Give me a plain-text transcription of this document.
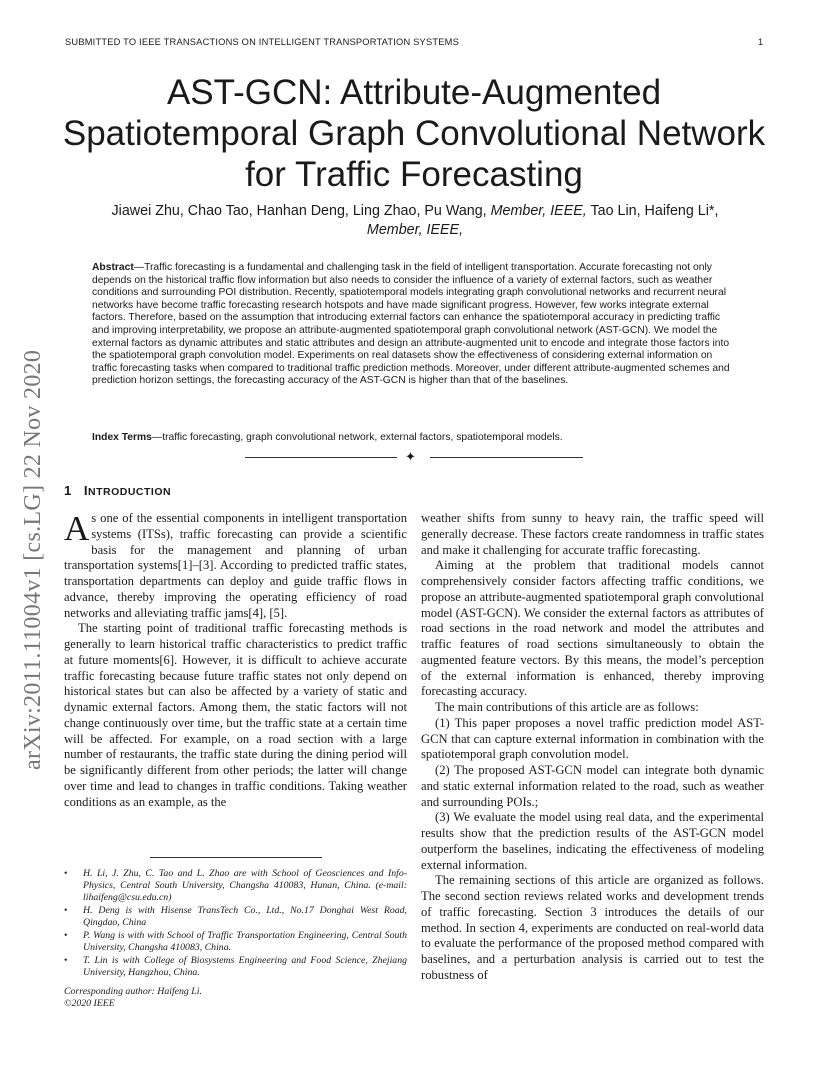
SUBMITTED TO IEEE TRANSACTIONS ON INTELLIGENT TRANSPORTATION SYSTEMS	1
arXiv:2011.11004v1 [cs.LG] 22 Nov 2020
AST-GCN: Attribute-Augmented Spatiotemporal Graph Convolutional Network for Traffic Forecasting
Jiawei Zhu, Chao Tao, Hanhan Deng, Ling Zhao, Pu Wang, Member, IEEE, Tao Lin, Haifeng Li*, Member, IEEE,
Abstract—Traffic forecasting is a fundamental and challenging task in the field of intelligent transportation. Accurate forecasting not only depends on the historical traffic flow information but also needs to consider the influence of a variety of external factors, such as weather conditions and surrounding POI distribution. Recently, spatiotemporal models integrating graph convolutional networks and recurrent neural networks have become traffic forecasting research hotspots and have made significant progress. However, few works integrate external factors. Therefore, based on the assumption that introducing external factors can enhance the spatiotemporal accuracy in predicting traffic and improving interpretability, we propose an attribute-augmented spatiotemporal graph convolutional network (AST-GCN). We model the external factors as dynamic attributes and static attributes and design an attribute-augmented unit to encode and integrate those factors into the spatiotemporal graph convolution model. Experiments on real datasets show the effectiveness of considering external information on traffic forecasting tasks when compared to traditional traffic prediction methods. Moreover, under different attribute-augmented schemes and prediction horizon settings, the forecasting accuracy of the AST-GCN is higher than that of the baselines.
Index Terms—traffic forecasting, graph convolutional network, external factors, spatiotemporal models.
✦
1 INTRODUCTION

As one of the essential components in intelligent transportation systems (ITSs), traffic forecasting can provide a scientific basis for the management and planning of urban transportation systems[1]–[3]. According to predicted traffic states, transportation departments can deploy and guide traffic flows in advance, thereby improving the operating efficiency of road networks and alleviating traffic jams[4], [5].

The starting point of traditional traffic forecasting methods is generally to learn historical traffic characteristics to predict traffic at future moments[6]. However, it is difficult to achieve accurate traffic forecasting because future traffic states not only depend on historical states but can also be affected by a variety of static and dynamic external factors. Among them, the static factors will not change continuously over time, but the traffic state at a certain time will be affected. For example, on a road section with a large number of restaurants, the traffic state during the dining period will be significantly different from other periods; the latter will change over time and lead to changes in traffic conditions. Taking weather conditions as an example, as the

• H. Li, J. Zhu, C. Tao and L. Zhao are with School of Geosciences and Info-Physics, Central South University, Changsha 410083, Hunan, China. (e-mail: lihaifeng@csu.edu.cn)
• H. Deng is with Hisense TransTech Co., Ltd., No.17 Donghai West Road, Qingdao, China
• P. Wang is with with School of Traffic Transportation Engineering, Central South University, Changsha 410083, China.
• T. Lin is with College of Biosystems Engineering and Food Science, Zhejiang University, Hangzhou, China.
Corresponding author: Haifeng Li.
©2020 IEEE

weather shifts from sunny to heavy rain, the traffic speed will generally decrease. These factors create randomness in traffic states and make it challenging for accurate traffic forecasting.

Aiming at the problem that traditional models cannot comprehensively consider factors affecting traffic conditions, we propose an attribute-augmented spatiotemporal graph convolutional model (AST-GCN). We consider the external factors as attributes of road sections in the road network and model the attributes and traffic features of road sections simultaneously to obtain the augmented feature vectors. By this means, the model’s perception of the external information is enhanced, thereby improving forecasting accuracy.

The main contributions of this article are as follows:

(1) This paper proposes a novel traffic prediction model AST-GCN that can capture external information in combination with the spatiotemporal graph convolution model.

(2) The proposed AST-GCN model can integrate both dynamic and static external information related to the road, such as weather and surrounding POIs.;

(3) We evaluate the model using real data, and the experimental results show that the prediction results of the AST-GCN model outperform the baselines, indicating the effectiveness of modeling external information.

The remaining sections of this article are organized as follows. The second section reviews related works and development trends of traffic forecasting. Section 3 introduces the details of our method. In section 4, experiments are conducted on real-world data to evaluate the performance of the proposed method compared with baselines, and a perturbation analysis is carried out to test the robustness of
